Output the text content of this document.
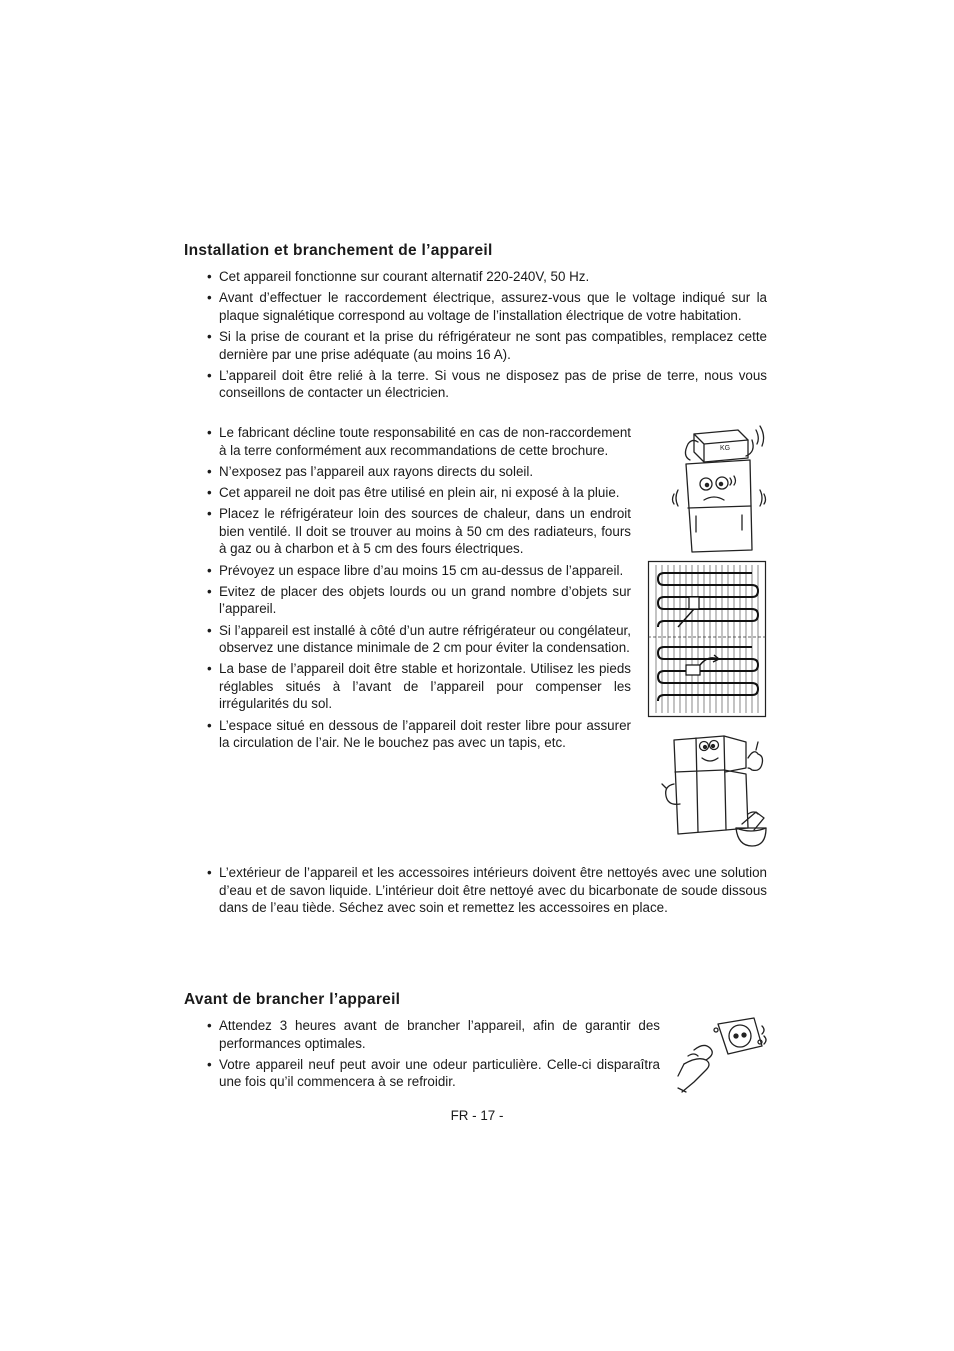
Installation et branchement de l’appareil
• Cet appareil fonctionne sur courant alternatif 220-240V, 50 Hz.
• Avant d’effectuer le raccordement électrique, assurez-vous que le voltage indiqué sur la plaque signalétique correspond au voltage de l’installation électrique de votre habitation.
• Si la prise de courant et la prise du réfrigérateur ne sont pas compatibles, remplacez cette dernière par une prise adéquate (au moins 16 A).
• L’appareil doit être relié à la terre. Si vous ne disposez pas de prise de terre, nous vous conseillons de contacter un électricien.
• Le fabricant décline toute responsabilité en cas de non-raccordement à la terre conformément aux recommandations de cette brochure.
• N’exposez pas l’appareil aux rayons directs du soleil.
• Cet appareil ne doit pas être utilisé en plein air, ni exposé à la pluie.
• Placez le réfrigérateur loin des sources de chaleur, dans un endroit bien ventilé. Il doit se trouver au moins à 50 cm des radiateurs, fours à gaz ou à charbon et à 5 cm des fours électriques.
• Prévoyez un espace libre d’au moins 15 cm au-dessus de l’appareil.
• Evitez de placer des objets lourds ou un grand nombre d’objets sur l’appareil.
• Si l’appareil est installé à côté d’un autre réfrigérateur ou congélateur, observez une distance minimale de 2 cm pour éviter la condensation.
• La base de l’appareil doit être stable et horizontale. Utilisez les pieds réglables situés à l’avant de l’appareil pour compenser les irrégularités du sol.
• L’espace situé en dessous de l’appareil doit rester libre pour assurer la circulation de l’air. Ne le bouchez pas avec un tapis, etc.
• L’extérieur de l’appareil et les accessoires intérieurs doivent être nettoyés avec une solution d’eau et de savon liquide. L’intérieur doit être nettoyé avec du bicarbonate de soude dissous dans de l’eau tiède. Séchez avec soin et remettez les accessoires en place.
KG
Avant de brancher l’appareil
• Attendez 3 heures avant de brancher l’appareil, afin de garantir des performances optimales.
• Votre appareil neuf peut avoir une odeur particulière. Celle-ci disparaîtra une fois qu’il commencera à se refroidir.
FR - 17 -
